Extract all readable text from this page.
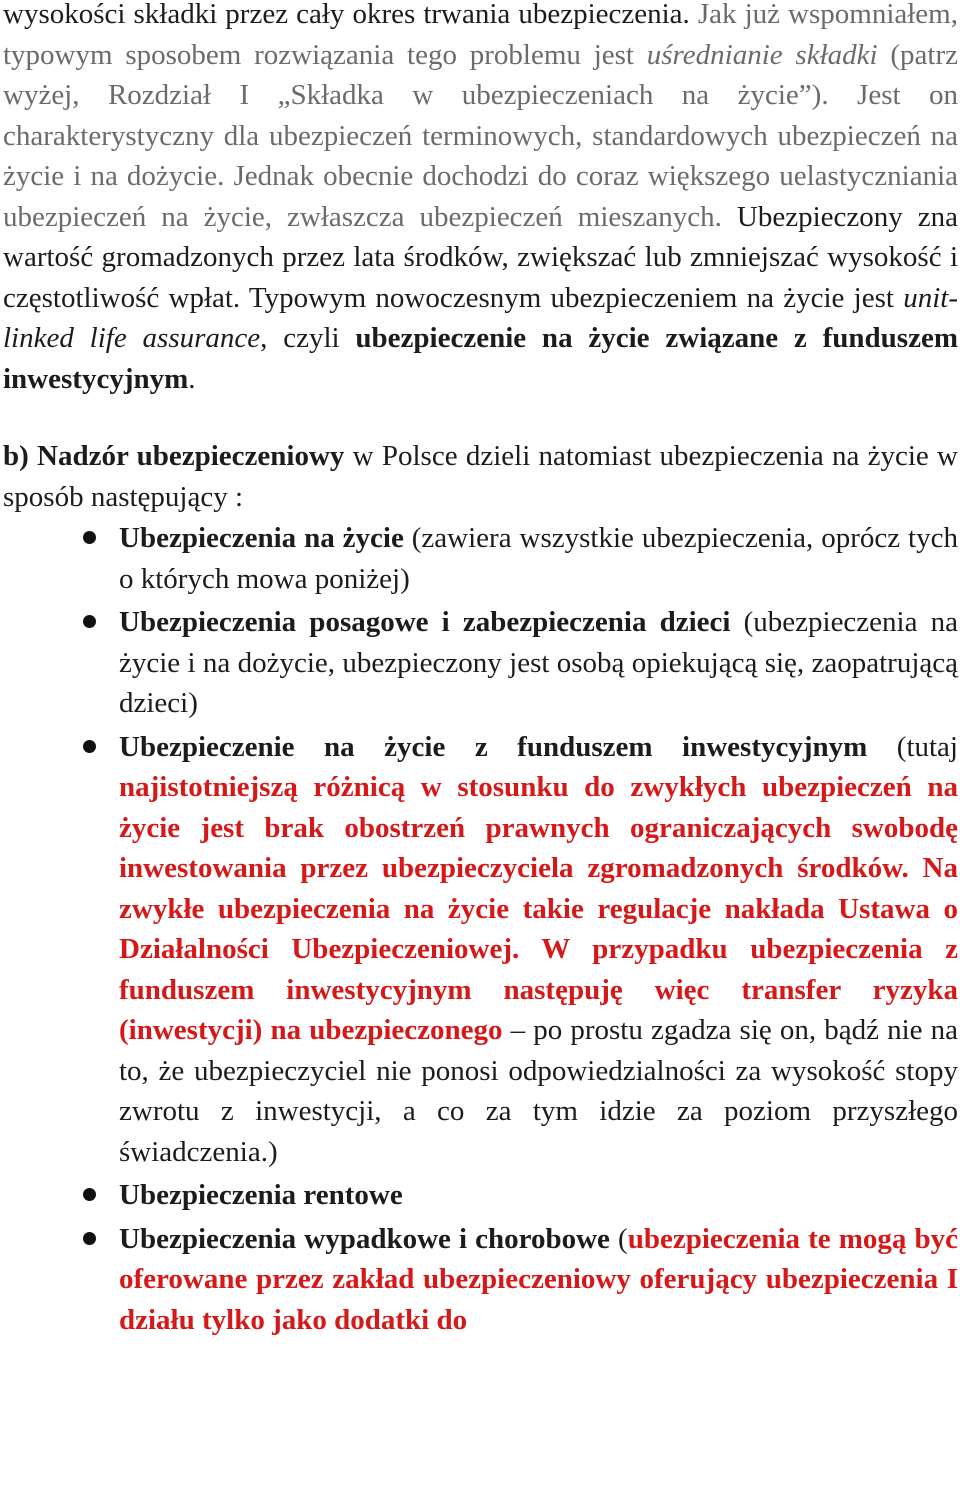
wysokości składki przez cały okres trwania ubezpieczenia. Jak już wspomniałem, typowym sposobem rozwiązania tego problemu jest uśrednianie składki (patrz wyżej, Rozdział I „Składka w ubezpieczeniach na życie”). Jest on charakterystyczny dla ubezpieczeń terminowych, standardowych ubezpieczeń na życie i na dożycie. Jednak obecnie dochodzi do coraz większego uelastyczniania ubezpieczeń na życie, zwłaszcza ubezpieczeń mieszanych. Ubezpieczony zna wartość gromadzonych przez lata środków, zwiększać lub zmniejszać wysokość i częstotliwość wpłat. Typowym nowoczesnym ubezpieczeniem na życie jest unit-linked life assurance, czyli ubezpieczenie na życie związane z funduszem inwestycyjnym.

b) Nadzór ubezpieczeniowy w Polsce dzieli natomiast ubezpieczenia na życie w sposób następujący :

Ubezpieczenia na życie (zawiera wszystkie ubezpieczenia, oprócz tych o których mowa poniżej)
Ubezpieczenia posagowe i zabezpieczenia dzieci (ubezpieczenia na życie i na dożycie, ubezpieczony jest osobą opiekującą się, zaopatrującą dzieci)
Ubezpieczenie na życie z funduszem inwestycyjnym (tutaj najistotniejszą różnicą w stosunku do zwykłych ubezpieczeń na życie jest brak obostrzeń prawnych ograniczających swobodę inwestowania przez ubezpieczyciela zgromadzonych środków. Na zwykłe ubezpieczenia na życie takie regulacje nakłada Ustawa o Działalności Ubezpieczeniowej. W przypadku ubezpieczenia z funduszem inwestycyjnym następuję więc transfer ryzyka (inwestycji) na ubezpieczonego – po prostu zgadza się on, bądź nie na to, że ubezpieczyciel nie ponosi odpowiedzialności za wysokość stopy zwrotu z inwestycji, a co za tym idzie za poziom przyszłego świadczenia.)
Ubezpieczenia rentowe
Ubezpieczenia wypadkowe i chorobowe (ubezpieczenia te mogą być oferowane przez zakład ubezpieczeniowy oferujący ubezpieczenia I działu tylko jako dodatki do
